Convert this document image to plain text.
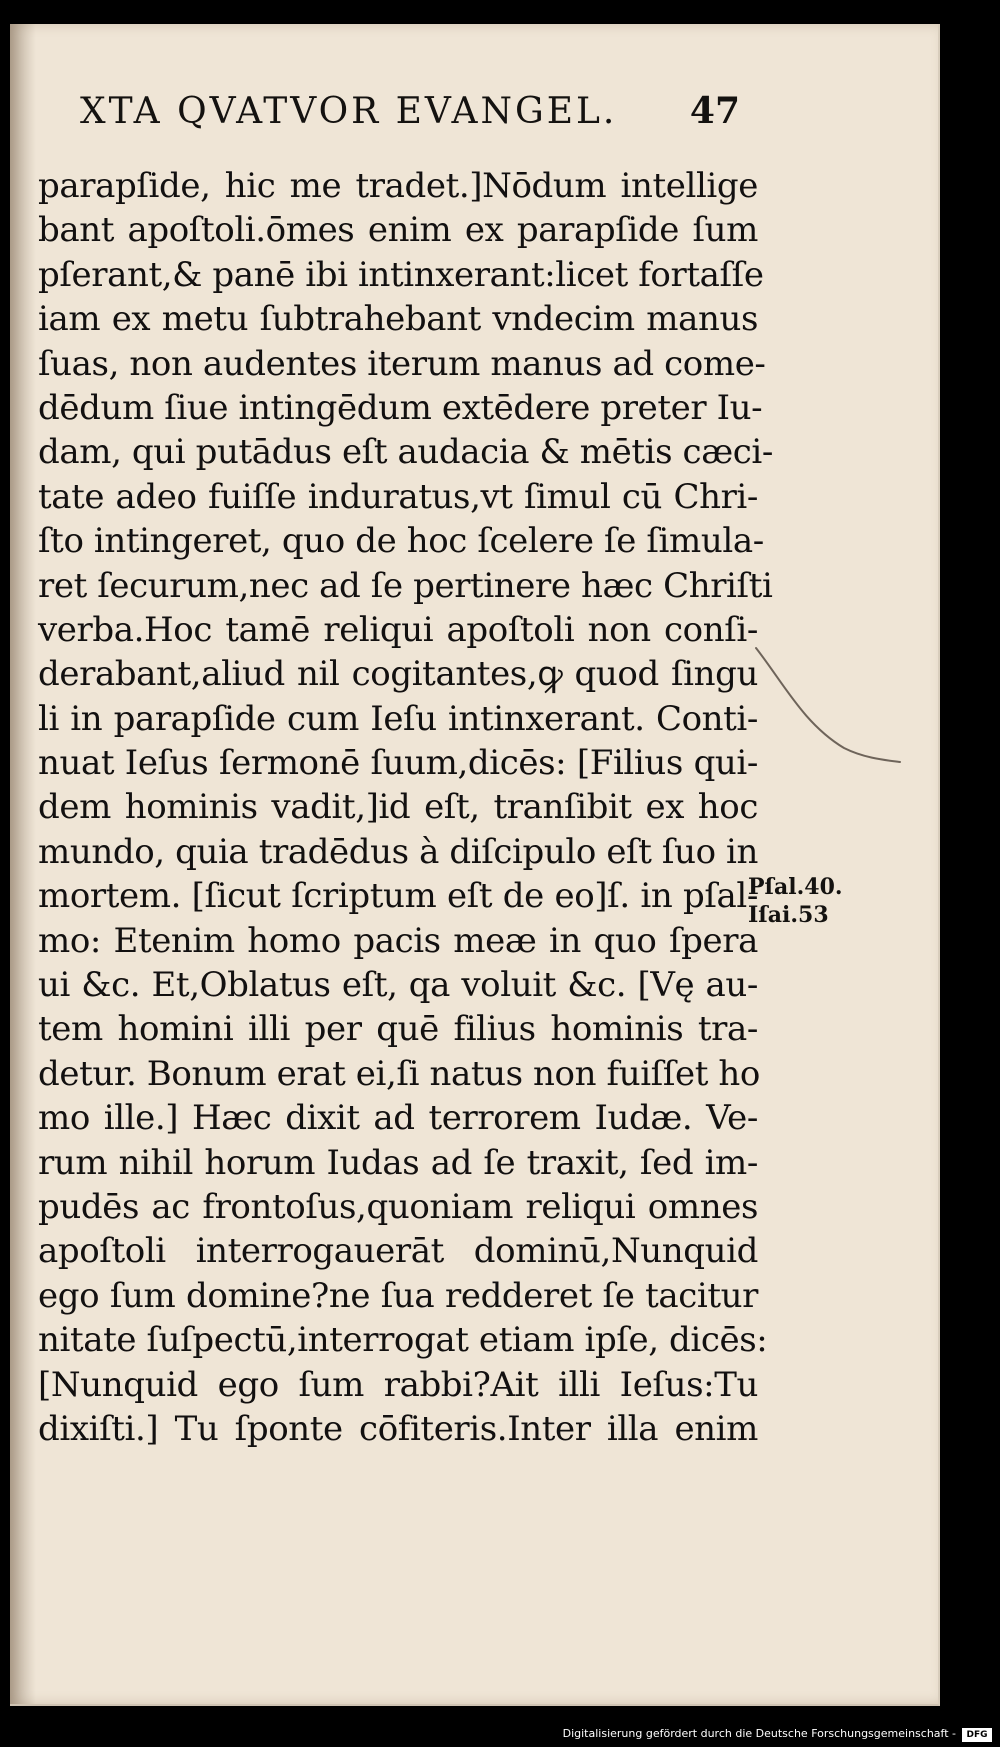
XTA QVATVOR EVANGEL. 47
parapſide, hic me tradet.]Nōdum intellige
bant apoſtoli.ōmes enim ex parapſide ſum
pſerant,& panē ibi intinxerant:licet fortaſſe
iam ex metu ſubtrahebant vndecim manus
ſuas, non audentes iterum manus ad come-
dēdum ſiue intingēdum extēdere preter Iu-
dam, qui putādus eſt audacia & mētis cæci-
tate adeo fuiſſe induratus,vt ſimul cū Chri-
ſto intingeret, quo de hoc ſcelere ſe ſimula-
ret ſecurum,nec ad ſe pertinere hæc Chriſti
verba.Hoc tamē reliqui apoſtoli non conſi-
derabant,aliud nil cogitantes,ꝙ quod ſingu
li in parapſide cum Ieſu intinxerant. Conti-
nuat Ieſus ſermonē ſuum,dicēs: [Filius qui-
dem hominis vadit,]id eſt, tranſibit ex hoc
mundo, quia tradēdus à diſcipulo eſt ſuo in
mortem. [ſicut ſcriptum eſt de eo]ſ. in pſal-
mo: Etenim homo pacis meæ in quo ſpera
ui &c. Et,Oblatus eſt, qa voluit &c. [Vę au-
tem homini illi per quē filius hominis tra-
detur. Bonum erat ei,ſi natus non fuiſſet ho
mo ille.] Hæc dixit ad terrorem Iudæ. Ve-
rum nihil horum Iudas ad ſe traxit, ſed im-
pudēs ac frontoſus,quoniam reliqui omnes
apoſtoli interrogauerāt dominū,Nunquid
ego ſum domine?ne ſua redderet ſe tacitur
nitate ſuſpectū,interrogat etiam ipſe, dicēs:
[Nunquid ego ſum rabbi?Ait illi Ieſus:Tu
dixiſti.] Tu ſponte cōfiteris.Inter illa enim
Pſal.40.
Iſai.53
Digitalisierung gefördert durch die Deutsche Forschungsgemeinschaft -	DFG
